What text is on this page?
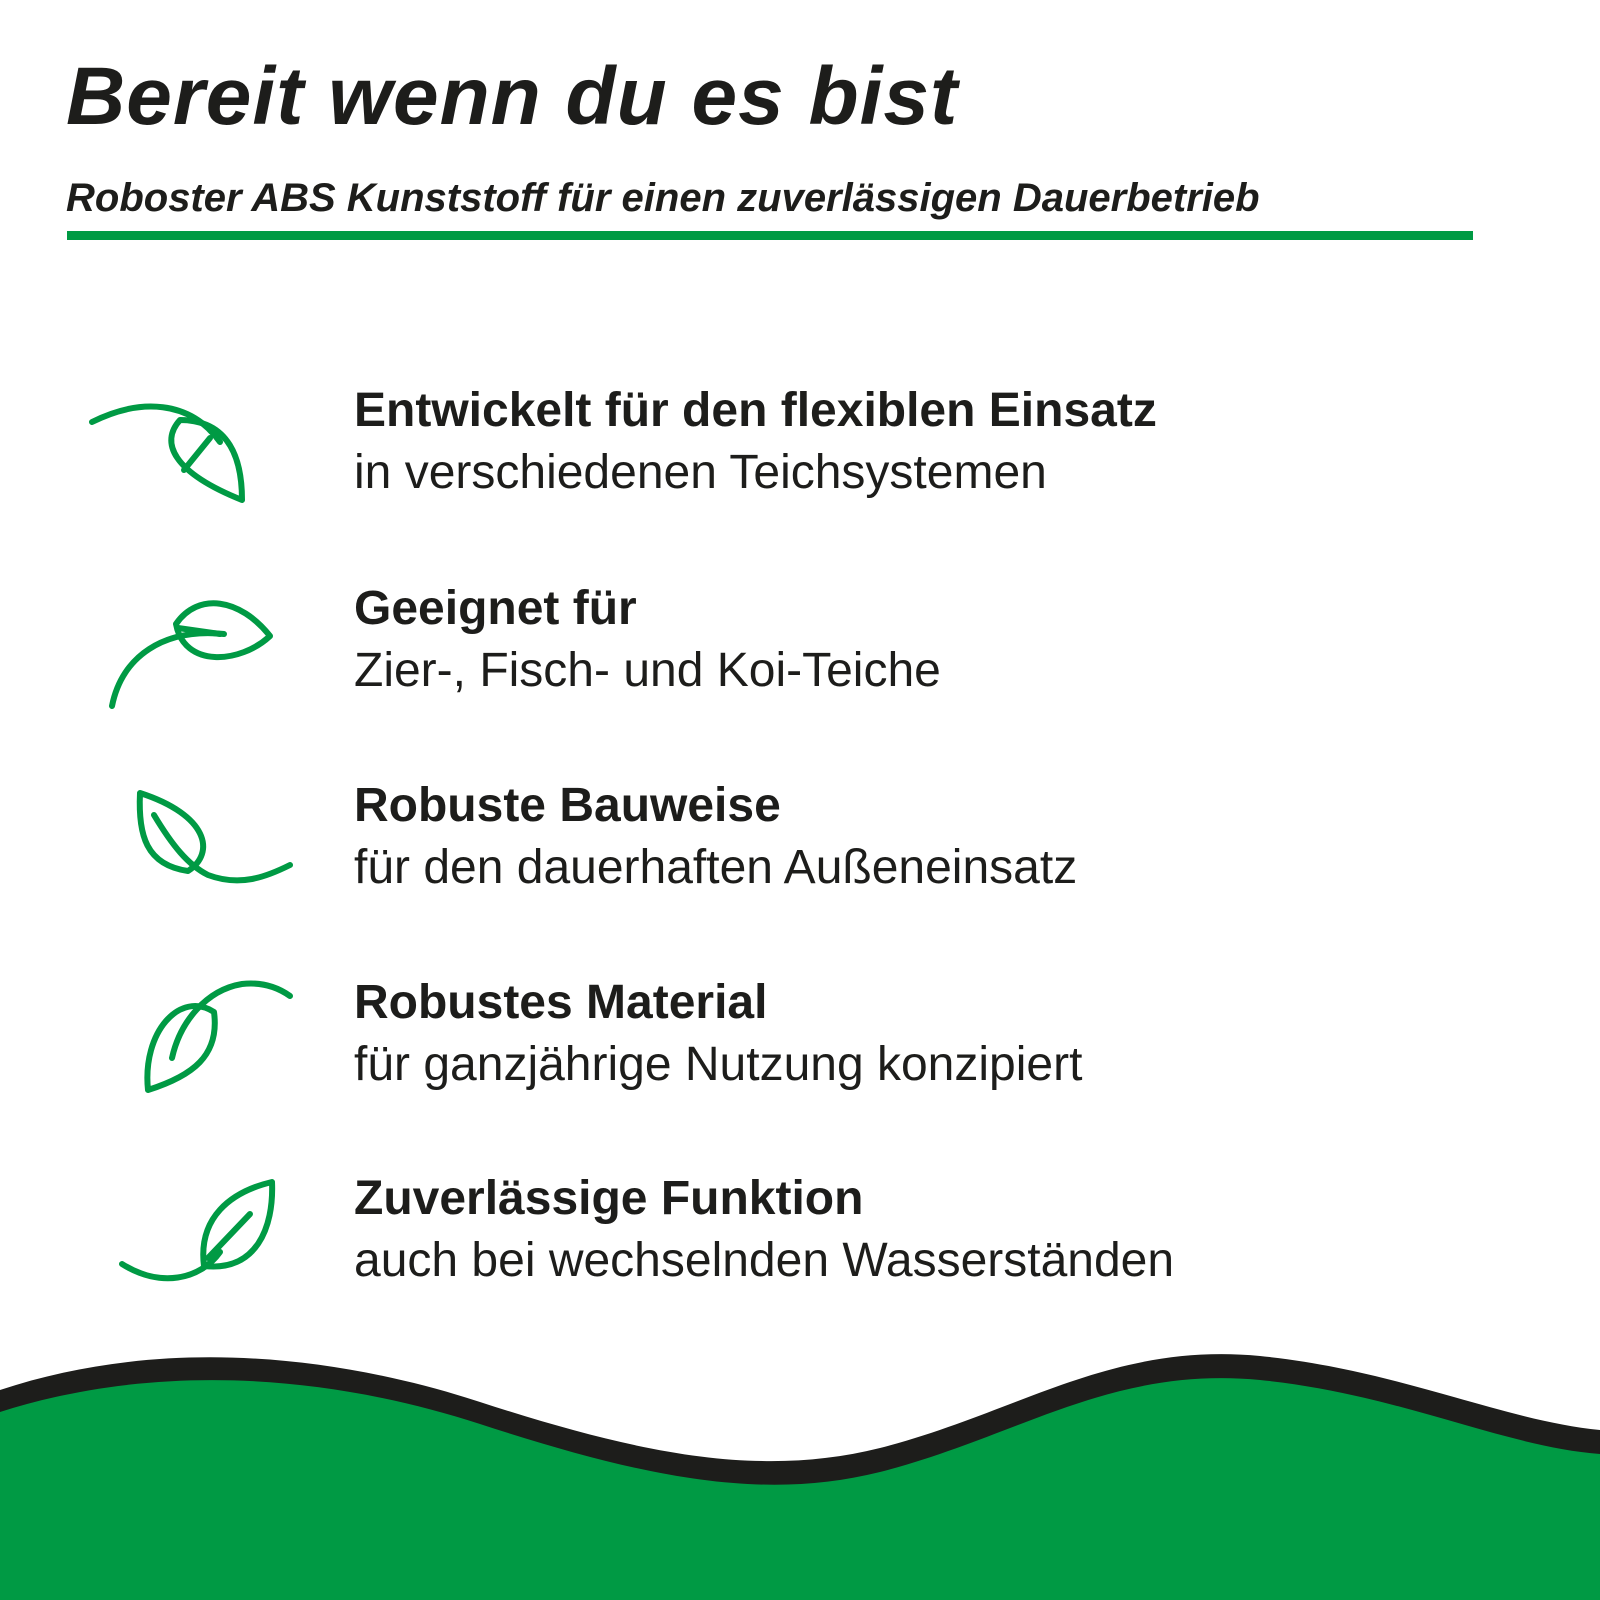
Bereit wenn du es bist

Roboster ABS Kunststoff für einen zuverlässigen Dauerbetrieb

Entwickelt für den flexiblen Einsatz
in verschiedenen Teichsystemen
Geeignet für
Zier-, Fisch- und Koi-Teiche
Robuste Bauweise
für den dauerhaften Außeneinsatz
Robustes Material
für ganzjährige Nutzung konzipiert
Zuverlässige Funktion
auch bei wechselnden Wasserständen
